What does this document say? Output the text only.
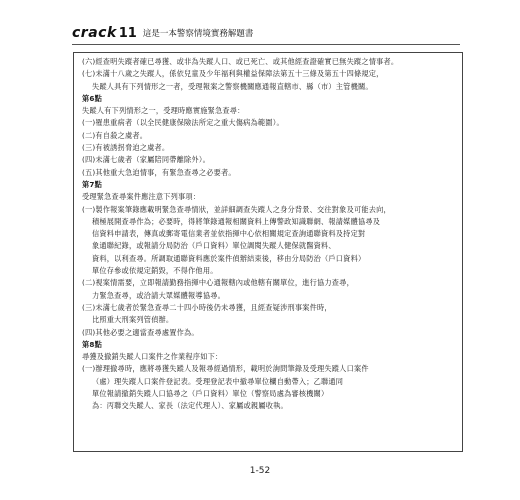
crack 11 這是一本警察情境實務解題書
(六)經查明失蹤者確已尋獲、或非為失蹤人口、或已死亡、或其他經查證確實已無失蹤之情事者。
(七)未滿十八歲之失蹤人，係依兒童及少年福利與權益保障法第五十三條及第五十四條規定，
失蹤人具有下列情形之一者，受理報案之警察機關應通報直轄市、縣（市）主管機關。
第6點
失蹤人有下列情形之一，受理時應實施緊急查尋：
(一)罹患重病者（以全民健康保險法所定之重大傷病為範圍）。
(二)有自殺之虞者。
(三)有被誘拐脅迫之虞者。
(四)未滿七歲者（家屬陪同帶離除外）。
(五)其他重大急迫情事，有緊急查尋之必要者。
第7點
受理緊急查尋案件應注意下列事項：
(一)製作報案筆錄應載明緊急查尋情狀，並詳細調查失蹤人之身分背景、交往對象及可能去向，
積極展開查尋作為；必要時，得將筆錄通報相關資料上傳警政知識聯網、報請媒體協尋及
信資料申請表，傳真或郵寄電信業者並依指揮中心依相關規定查詢通聯資料及持定對
象通聯紀錄，或報請分局防治（戶口資料）單位調閱失蹤人健保就醫資料、
資料，以利查尋。所調取通聯資料應於案件偵辦結束後，移由分局防治（戶口資料）
單位存參或依規定銷毀，不得作他用。
(二)視案情需要，立即報請勤務指揮中心通報轄內或他轄有關單位，進行協力查尋，
力緊急查尋，或洽請大眾媒體報導協尋。
(三)未滿七歲者於緊急查尋二十四小時後仍未尋獲，且經查疑涉刑事案件時，
比照重大刑案列管偵辦。
(四)其他必要之適當查尋處置作為。
第8點
尋獲及撤銷失蹤人口案件之作業程序如下：
(一)辦理撤尋時，應將尋獲失蹤人及報尋經過情形，載明於詢問筆錄及受理失蹤人口案件
（處）理失蹤人口案件登記表。受理登記表中撤尋單位欄自動帶入；乙聯通同
單位報請撤銷失蹤人口協尋之（戶口資料）單位（警察局處為審核機關）
為：丙聯交失蹤人、家長（法定代理人）、家屬或親屬收執。
1-52
